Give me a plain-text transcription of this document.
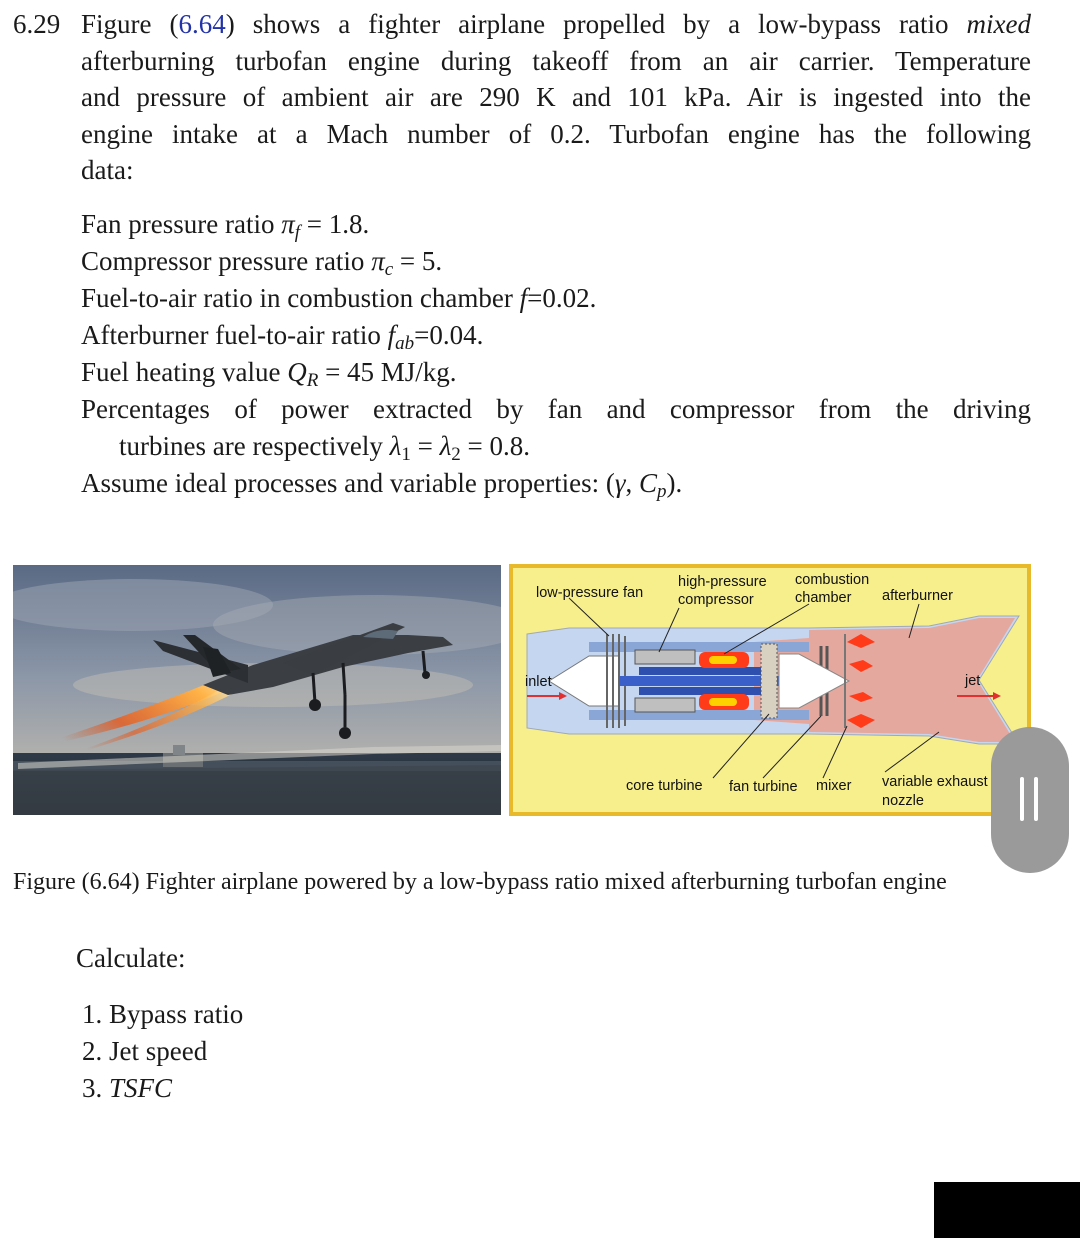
6.29 Figure (6.64) shows a fighter airplane propelled by a low-bypass ratio mixed
afterburning turbofan engine during takeoff from an air carrier. Temperature
and pressure of ambient air are 290 K and 101 kPa. Air is ingested into the
engine intake at a Mach number of 0.2. Turbofan engine has the following
data:
Fan pressure ratio $\pi_f = 1.8$.
Compressor pressure ratio $\pi_c = 5$.
Fuel-to-air ratio in combustion chamber f=0.02.
Afterburner fuel-to-air ratio $f_{ab}=0.04$.
Fuel heating value $Q_R = 45$ MJ/kg.
Percentages of power extracted by fan and compressor from the driving
turbines are respectively $\lambda_1 = \lambda_2 = 0.8$.
Assume ideal processes and variable properties: (γ, $C_p$).
low-pressure fan
high-pressure
compressor
combustion
chamber afterburner
inlet	jet
core turbine fan turbine mixer variable exhaust
nozzle
Figure (6.64) Fighter airplane powered by a low-bypass ratio mixed afterburning turbofan engine
Calculate:
1. Bypass ratio
2. Jet speed
3. TSFC
